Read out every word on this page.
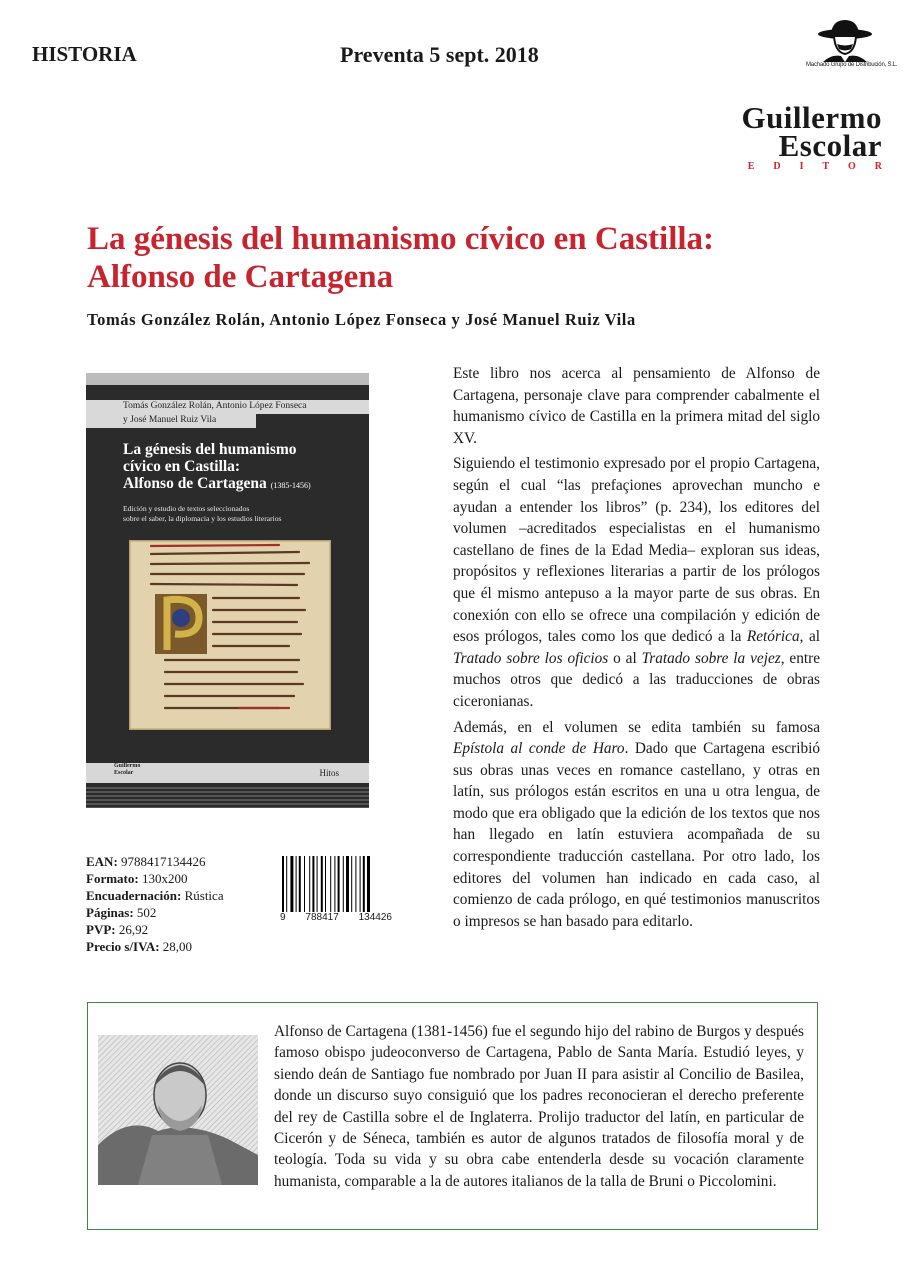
HISTORIA	Preventa 5 sept. 2018	Machado Grupo de Distribución, S.L.
Guillermo
Escolar
EDITOR
La génesis del humanismo cívico en Castilla:
Alfonso de Cartagena
Tomás González Rolán, Antonio López Fonseca y José Manuel Ruiz Vila
Tomás González Rolán, Antonio López Fonseca
y José Manuel Ruiz Vila
La génesis del humanismo
cívico en Castilla:
Alfonso de Cartagena (1385-1456)
Edición y estudio de textos seleccionados
sobre el saber, la diplomacia y los estudios literarios
Guillermo
Escolar	Hitos
EAN: 9788417134426
Formato: 130x200
Encuadernación: Rústica
Páginas: 502
PVP: 26,92
Precio s/IVA: 28,00
9 788417 134426

Este libro nos acerca al pensamiento de Alfonso de Cartagena, personaje clave para comprender cabalmente el humanismo cívico de Castilla en la primera mitad del siglo XV.

Siguiendo el testimonio expresado por el propio Cartagena, según el cual “las prefaçiones aprovechan muncho e ayudan a entender los libros” (p. 234), los editores del volumen –acreditados especialistas en el humanismo castellano de fines de la Edad Media– exploran sus ideas, propósitos y reflexiones literarias a partir de los prólogos que él mismo antepuso a la mayor parte de sus obras. En conexión con ello se ofrece una compilación y edición de esos prólogos, tales como los que dedicó a la Retórica, al Tratado sobre los oficios o al Tratado sobre la vejez, entre muchos otros que dedicó a las traducciones de obras ciceronianas.

Además, en el volumen se edita también su famosa Epístola al conde de Haro. Dado que Cartagena escribió sus obras unas veces en romance castellano, y otras en latín, sus prólogos están escritos en una u otra lengua, de modo que era obligado que la edición de los textos que nos han llegado en latín estuviera acompañada de su correspondiente traducción castellana. Por otro lado, los editores del volumen han indicado en cada caso, al comienzo de cada prólogo, en qué testimonios manuscritos o impresos se han basado para editarlo.

Alfonso de Cartagena (1381-1456) fue el segundo hijo del rabino de Burgos y después famoso obispo judeoconverso de Cartagena, Pablo de Santa María. Estudió leyes, y siendo deán de Santiago fue nombrado por Juan II para asistir al Concilio de Basilea, donde un discurso suyo consiguió que los padres reconocieran el derecho preferente del rey de Castilla sobre el de Inglaterra. Prolijo traductor del latín, en particular de Cicerón y de Séneca, también es autor de algunos tratados de filosofía moral y de teología. Toda su vida y su obra cabe entenderla desde su vocación claramente humanista, comparable a la de autores italianos de la talla de Bruni o Piccolomini.
